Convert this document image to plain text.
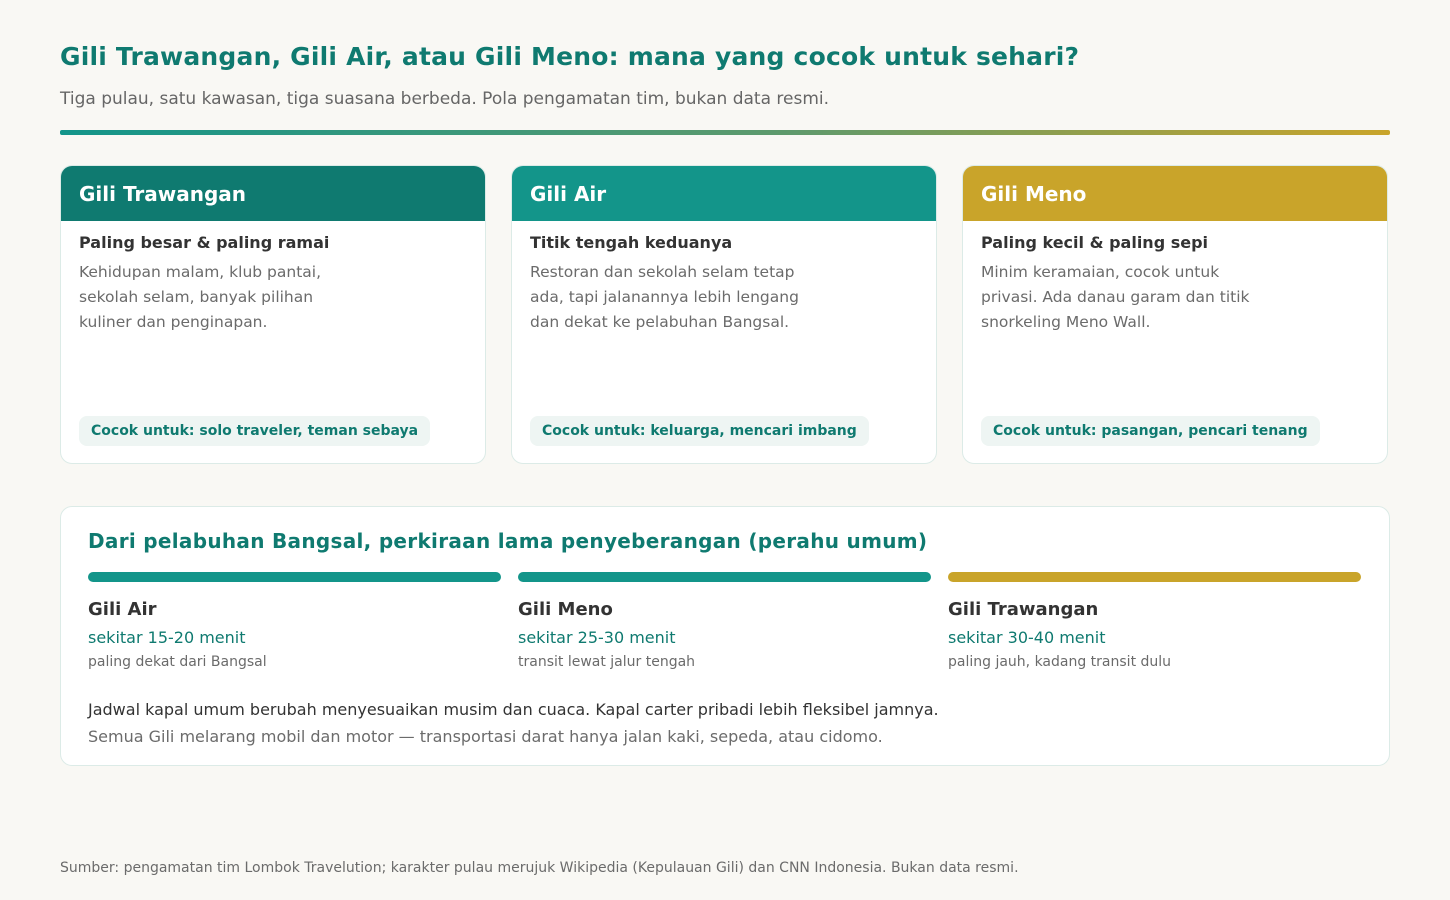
Gili Trawangan, Gili Air, atau Gili Meno: mana yang cocok untuk sehari?
Tiga pulau, satu kawasan, tiga suasana berbeda. Pola pengamatan tim, bukan data resmi.
Gili Trawangan
Paling besar & paling ramai
Kehidupan malam, klub pantai, sekolah selam, banyak pilihan kuliner dan penginapan.
Cocok untuk: solo traveler, teman sebaya
Gili Air
Titik tengah keduanya
Restoran dan sekolah selam tetap ada, tapi jalanannya lebih lengang dan dekat ke pelabuhan Bangsal.
Cocok untuk: keluarga, mencari imbang
Gili Meno
Paling kecil & paling sepi
Minim keramaian, cocok untuk privasi. Ada danau garam dan titik snorkeling Meno Wall.
Cocok untuk: pasangan, pencari tenang
Dari pelabuhan Bangsal, perkiraan lama penyeberangan (perahu umum)
Gili Air
sekitar 15-20 menit
paling dekat dari Bangsal
Gili Meno
sekitar 25-30 menit
transit lewat jalur tengah
Gili Trawangan
sekitar 30-40 menit
paling jauh, kadang transit dulu
Jadwal kapal umum berubah menyesuaikan musim dan cuaca. Kapal carter pribadi lebih fleksibel jamnya.
Semua Gili melarang mobil dan motor — transportasi darat hanya jalan kaki, sepeda, atau cidomo.
Sumber: pengamatan tim Lombok Travelution; karakter pulau merujuk Wikipedia (Kepulauan Gili) dan CNN Indonesia. Bukan data resmi.
